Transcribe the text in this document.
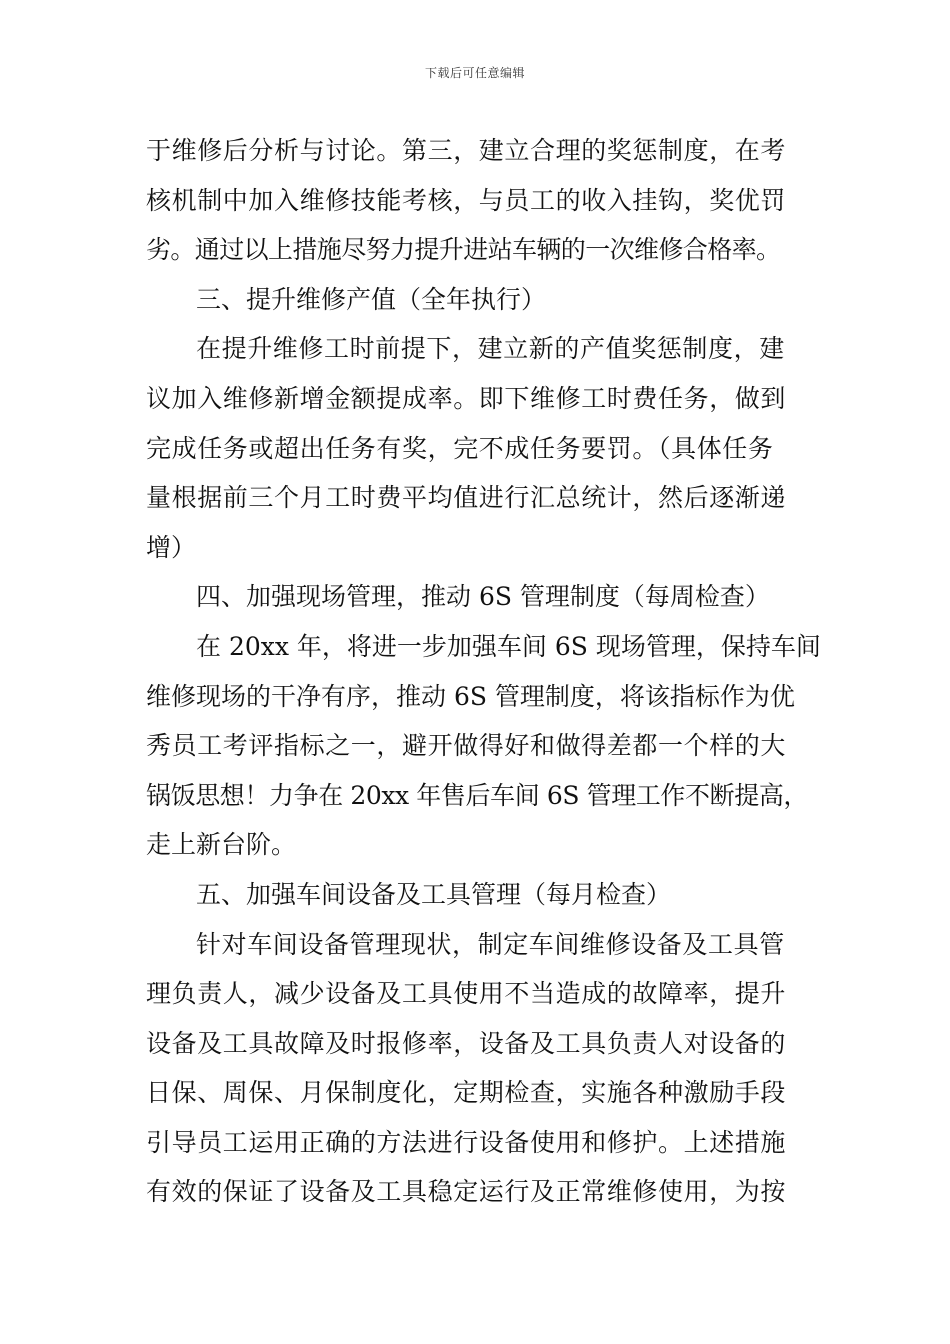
下载后可任意编辑
于维修后分析与讨论。第三，建立合理的奖惩制度，在考
核机制中加入维修技能考核，与员工的收入挂钩，奖优罚
劣。通过以上措施尽努力提升进站车辆的一次维修合格率。
三、提升维修产值（全年执行）
在提升维修工时前提下，建立新的产值奖惩制度，建
议加入维修新增金额提成率。即下维修工时费任务，做到
完成任务或超出任务有奖，完不成任务要罚。（具体任务
量根据前三个月工时费平均值进行汇总统计，然后逐渐递
增）
四、加强现场管理，推动 6S 管理制度（每周检查）
在 20xx 年，将进一步加强车间 6S 现场管理，保持车间
维修现场的干净有序，推动 6S 管理制度，将该指标作为优
秀员工考评指标之一，避开做得好和做得差都一个样的大
锅饭思想！力争在 20xx 年售后车间 6S 管理工作不断提高，
走上新台阶。
五、加强车间设备及工具管理（每月检查）
针对车间设备管理现状，制定车间维修设备及工具管
理负责人，减少设备及工具使用不当造成的故障率，提升
设备及工具故障及时报修率，设备及工具负责人对设备的
日保、周保、月保制度化，定期检查，实施各种激励手段
引导员工运用正确的方法进行设备使用和修护。上述措施
有效的保证了设备及工具稳定运行及正常维修使用，为按
